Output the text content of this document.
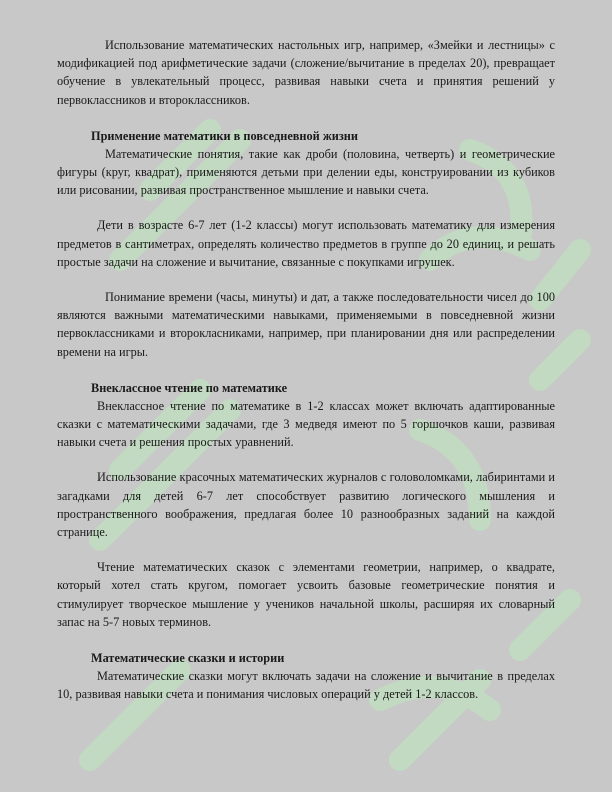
Использование математических настольных игр, например, «Змейки и лестницы» с модификацией под арифметические задачи (сложение/вычитание в пределах 20), превращает обучение в увлекательный процесс, развивая навыки счета и принятия решений у первоклассников и второклассников.

Применение математики в повседневной жизни

Математические понятия, такие как дроби (половина, четверть) и геометрические фигуры (круг, квадрат), применяются детьми при делении еды, конструировании из кубиков или рисовании, развивая пространственное мышление и навыки счета.

Дети в возрасте 6-7 лет (1-2 классы) могут использовать математику для измерения предметов в сантиметрах, определять количество предметов в группе до 20 единиц, и решать простые задачи на сложение и вычитание, связанные с покупками игрушек.

Понимание времени (часы, минуты) и дат, а также последовательности чисел до 100 являются важными математическими навыками, применяемыми в повседневной жизни первоклассниками и второкласниками, например, при планировании дня или распределении времени на игры.

Внеклассное чтение по математике

Внеклассное чтение по математике в 1-2 классах может включать адаптированные сказки с математическими задачами, где 3 медведя имеют по 5 горшочков каши, развивая навыки счета и решения простых уравнений.

Использование красочных математических журналов с головоломками, лабиринтами и загадками для детей 6-7 лет способствует развитию логического мышления и пространственного воображения, предлагая более 10 разнообразных заданий на каждой странице.

Чтение математических сказок с элементами геометрии, например, о квадрате, который хотел стать кругом, помогает усвоить базовые геометрические понятия и стимулирует творческое мышление у учеников начальной школы, расширяя их словарный запас на 5-7 новых терминов.

Математические сказки и истории

Математические сказки могут включать задачи на сложение и вычитание в пределах 10, развивая навыки счета и понимания числовых операций у детей 1-2 классов.
